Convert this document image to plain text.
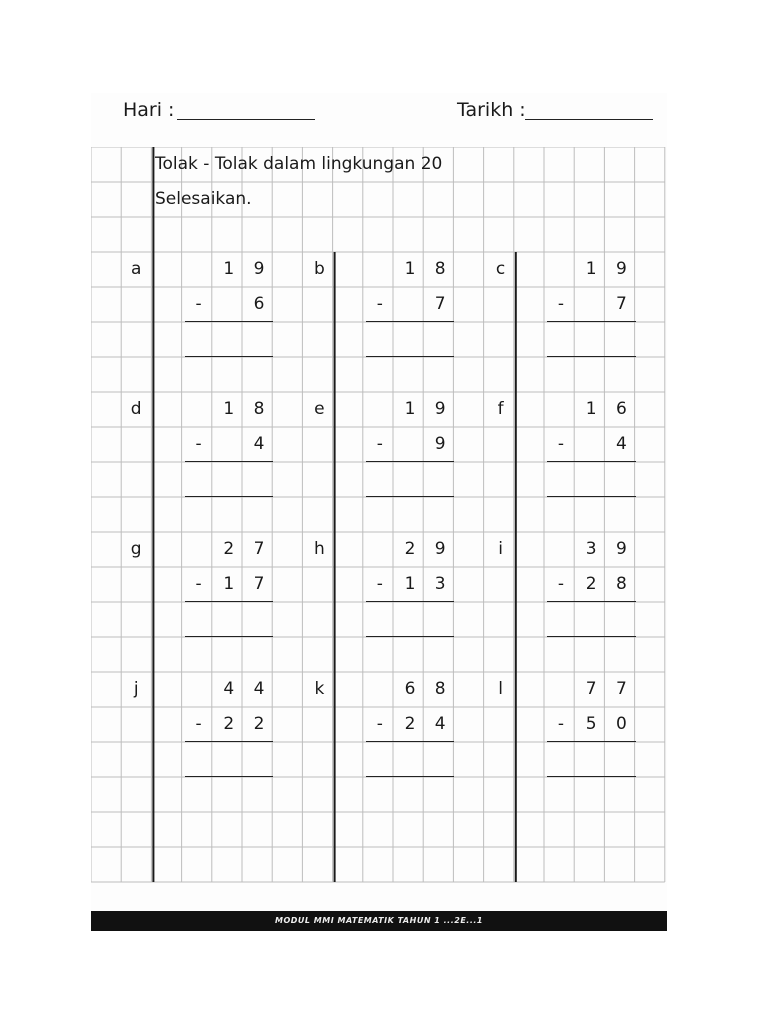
Hari :	Tarikh :
Tolak - Tolak dalam lingkungan 20
Selesaikan.
a	1	9
-	6
b	1	8
-	7
c	1	9
-	7
d	1	8
-	4
e	1	9
-	9
f	1	6
-	4
g	2	7
-	1	7
h	2	9
-	1	3
i	3	9
-	2	8
j	4	4
-	2	2
k	6	8
-	2	4
l	7	7
-	5	0
MODUL MMI MATEMATIK TAHUN 1 ...2E...1
